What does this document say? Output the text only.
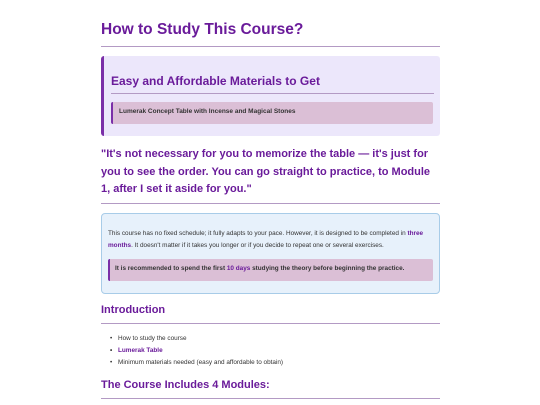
How to Study This Course?
Easy and Affordable Materials to Get
Lumerak Concept Table with Incense and Magical Stones

"It's not necessary for you to memorize the table — it's just for you to see the order. You can go straight to practice, to Module 1, after I set it aside for you."

This course has no fixed schedule; it fully adapts to your pace. However, it is designed to be completed in three months. It doesn't matter if it takes you longer or if you decide to repeat one or several exercises.

It is recommended to spend the first 10 days studying the theory before beginning the practice.
Introduction
• How to study the course
• Lumerak Table
• Minimum materials needed (easy and affordable to obtain)
The Course Includes 4 Modules:
